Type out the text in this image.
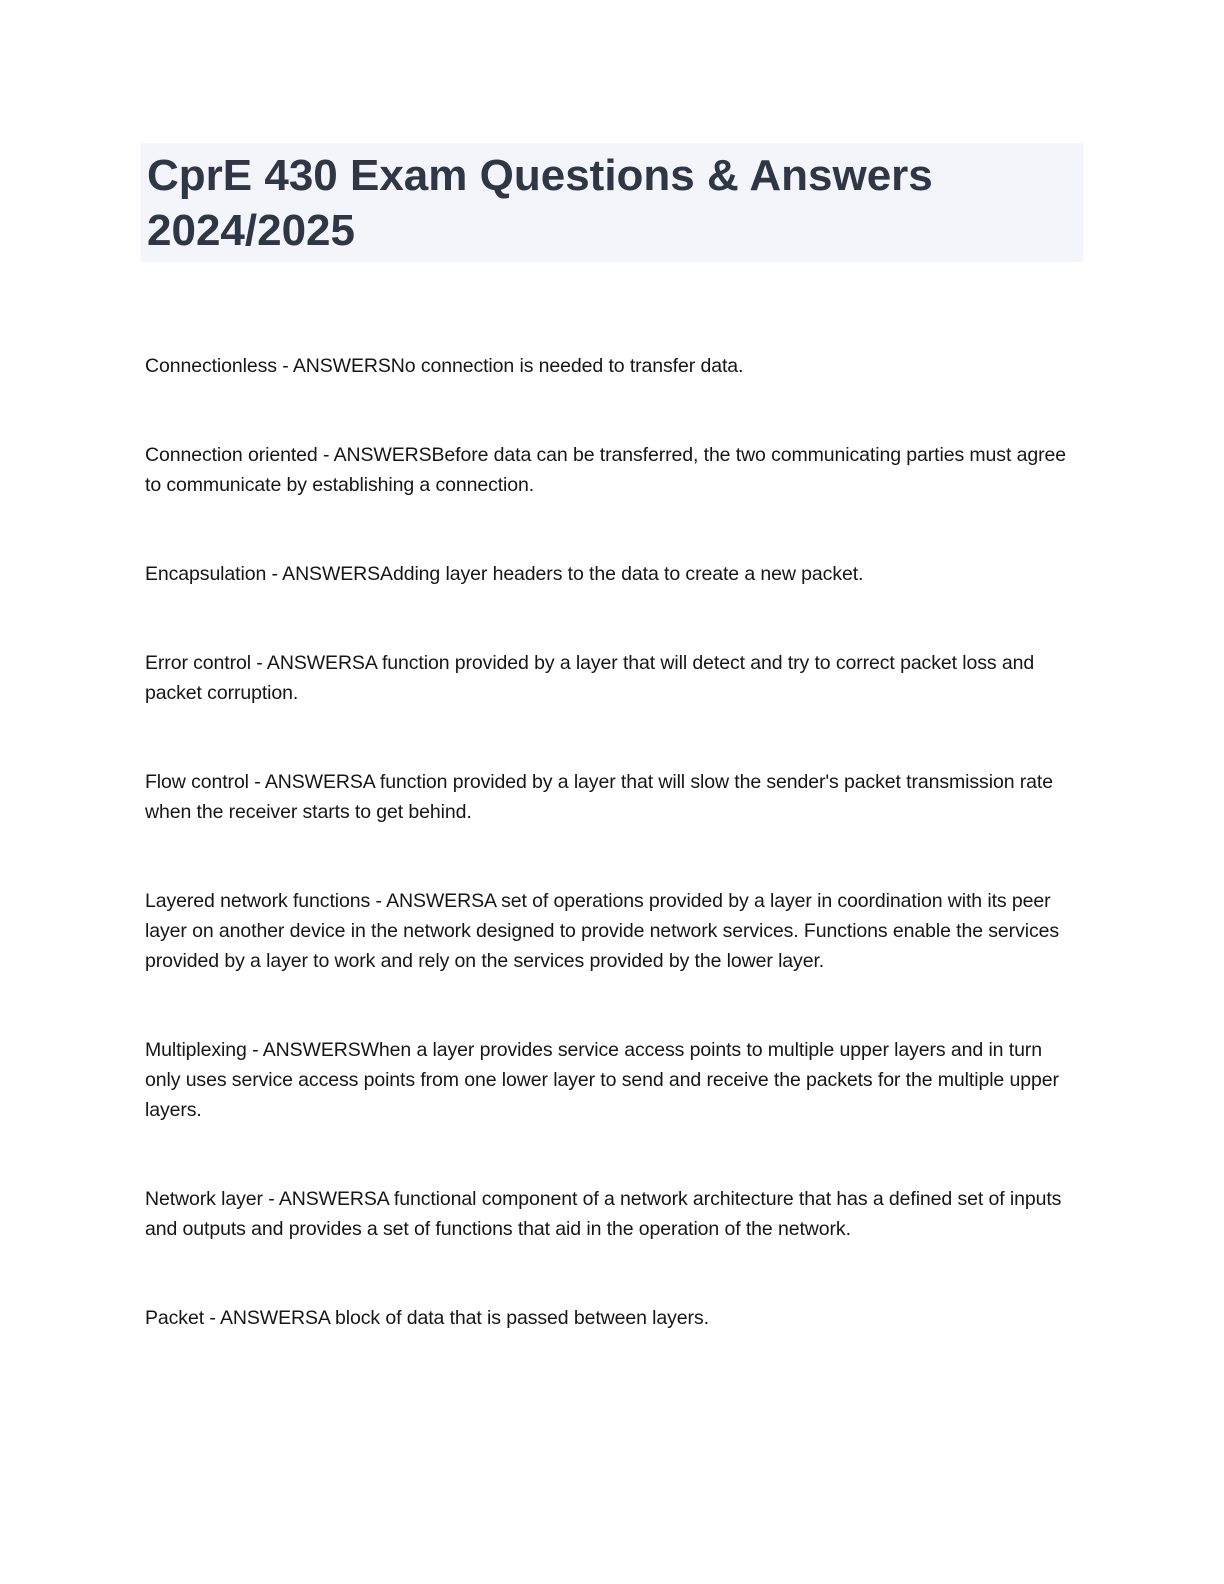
CprE 430 Exam Questions & Answers 2024/2025

Connectionless - ANSWERSNo connection is needed to transfer data.

Connection oriented - ANSWERSBefore data can be transferred, the two communicating parties must agree to communicate by establishing a connection.

Encapsulation - ANSWERSAdding layer headers to the data to create a new packet.

Error control - ANSWERSA function provided by a layer that will detect and try to correct packet loss and packet corruption.

Flow control - ANSWERSA function provided by a layer that will slow the sender's packet transmission rate when the receiver starts to get behind.

Layered network functions - ANSWERSA set of operations provided by a layer in coordination with its peer layer on another device in the network designed to provide network services. Functions enable the services provided by a layer to work and rely on the services provided by the lower layer.

Multiplexing - ANSWERSWhen a layer provides service access points to multiple upper layers and in turn only uses service access points from one lower layer to send and receive the packets for the multiple upper layers.

Network layer - ANSWERSA functional component of a network architecture that has a defined set of inputs and outputs and provides a set of functions that aid in the operation of the network.

Packet - ANSWERSA block of data that is passed between layers.
